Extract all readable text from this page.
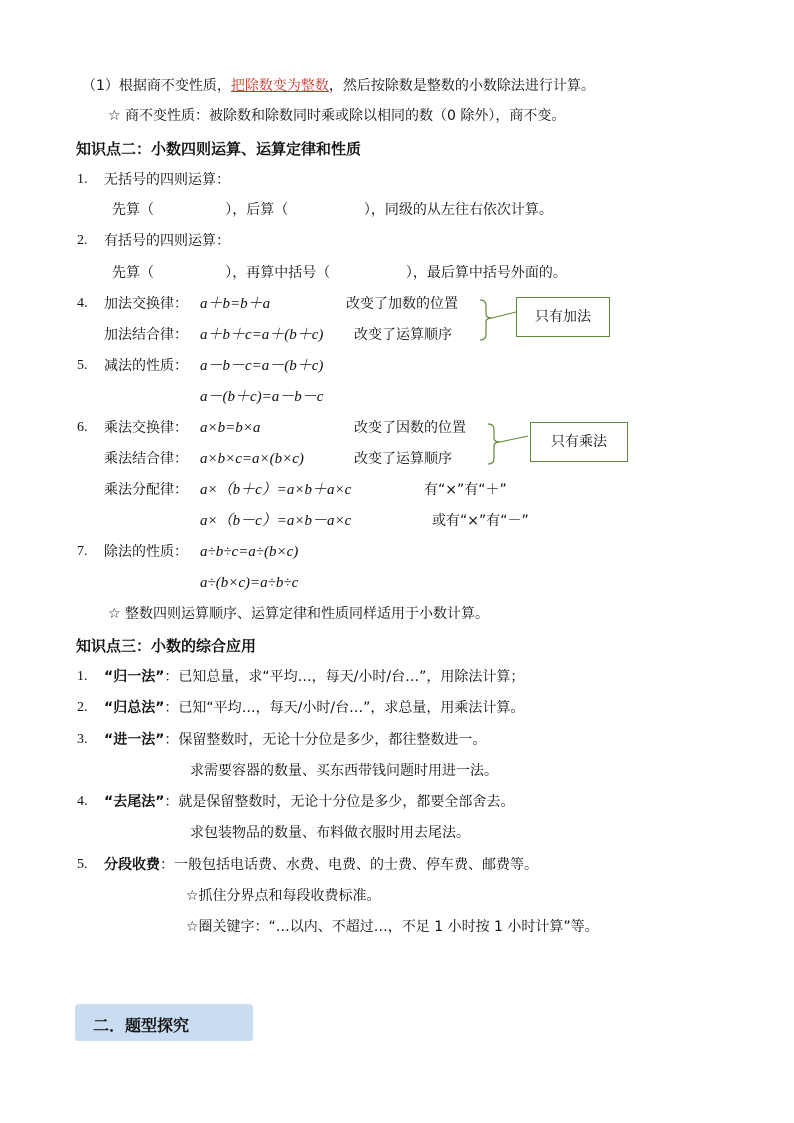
（1）根据商不变性质，把除数变为整数，然后按除数是整数的小数除法进行计算。
☆ 商不变性质：被除数和除数同时乘或除以相同的数（0 除外），商不变。
知识点二：小数四则运算、运算定律和性质
1. 无括号的四则运算：
先算（                ），后算（                 ），同级的从左往右依次计算。
2. 有括号的四则运算：
先算（                ），再算中括号（                 ），最后算中括号外面的。
4. 加法交换律： a＋b=b＋a	改变了加数的位置
加法结合律： a＋b＋c=a＋(b＋c) 改变了运算顺序
只有加法
5. 减法的性质： a－b－c=a－(b＋c)
a－(b＋c)=a－b－c
6. 乘法交换律： a×b=b×a	改变了因数的位置
乘法结合律： a×b×c=a×(b×c)	改变了运算顺序
只有乘法
乘法分配律： a×（b＋c）=a×b＋a×c	有“×”有“＋”
a×（b－c）=a×b－a×c	或有“×”有“－”
7. 除法的性质： a÷b÷c=a÷(b×c)
a÷(b×c)=a÷b÷c
☆ 整数四则运算顺序、运算定律和性质同样适用于小数计算。
知识点三：小数的综合应用
1. “归一法”：已知总量，求“平均…，每天/小时/台…”，用除法计算；
2. “归总法”：已知“平均…，每天/小时/台…”，求总量，用乘法计算。
3. “进一法”：保留整数时，无论十分位是多少，都往整数进一。
求需要容器的数量、买东西带钱问题时用进一法。
4. “去尾法”：就是保留整数时，无论十分位是多少，都要全部舍去。
求包装物品的数量、布料做衣服时用去尾法。
5. 分段收费：一般包括电话费、水费、电费、的士费、停车费、邮费等。
☆抓住分界点和每段收费标准。
☆圈关键字：“…以内、不超过…，不足 1 小时按 1 小时计算”等。
二．题型探究
